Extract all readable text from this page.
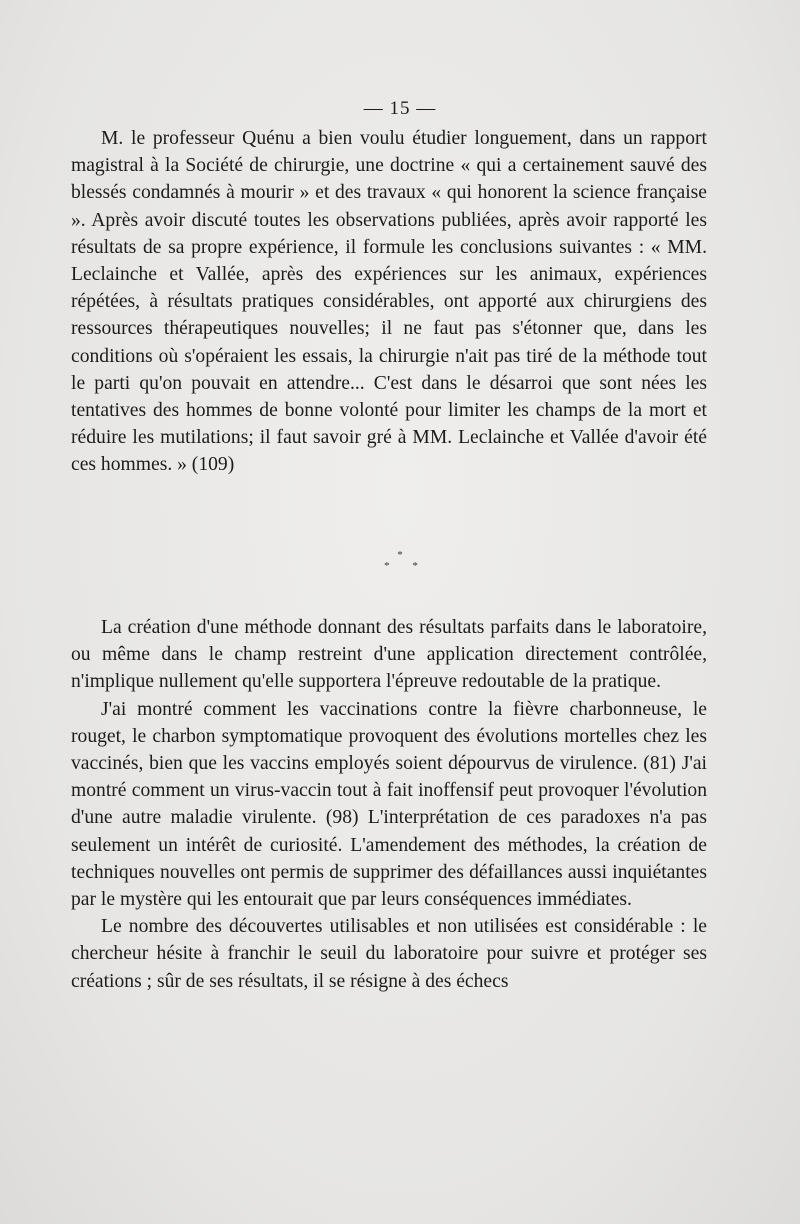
— 15 —

M. le professeur Quénu a bien voulu étudier longuement, dans un rapport magistral à la Société de chirurgie, une doctrine « qui a certainement sauvé des blessés condamnés à mourir » et des travaux « qui honorent la science française ». Après avoir discuté toutes les observations publiées, après avoir rapporté les résultats de sa propre expérience, il formule les conclusions suivantes : « MM. Leclainche et Vallée, après des expériences sur les animaux, expériences répétées, à résultats pratiques considérables, ont apporté aux chirurgiens des ressources thérapeutiques nouvelles; il ne faut pas s'étonner que, dans les conditions où s'opéraient les essais, la chirurgie n'ait pas tiré de la méthode tout le parti qu'on pouvait en attendre... C'est dans le désarroi que sont nées les tentatives des hommes de bonne volonté pour limiter les champs de la mort et réduire les mutilations; il faut savoir gré à MM. Leclainche et Vallée d'avoir été ces hommes. » (109)

*
* *

La création d'une méthode donnant des résultats parfaits dans le laboratoire, ou même dans le champ restreint d'une application directement contrôlée, n'implique nullement qu'elle supportera l'épreuve redoutable de la pratique.

J'ai montré comment les vaccinations contre la fièvre charbonneuse, le rouget, le charbon symptomatique provoquent des évolutions mortelles chez les vaccinés, bien que les vaccins employés soient dépourvus de virulence. (81) J'ai montré comment un virus-vaccin tout à fait inoffensif peut provoquer l'évolution d'une autre maladie virulente. (98) L'interprétation de ces paradoxes n'a pas seulement un intérêt de curiosité. L'amendement des méthodes, la création de techniques nouvelles ont permis de supprimer des défaillances aussi inquiétantes par le mystère qui les entourait que par leurs conséquences immédiates.

Le nombre des découvertes utilisables et non utilisées est considérable : le chercheur hésite à franchir le seuil du laboratoire pour suivre et protéger ses créations ; sûr de ses résultats, il se résigne à des échecs
